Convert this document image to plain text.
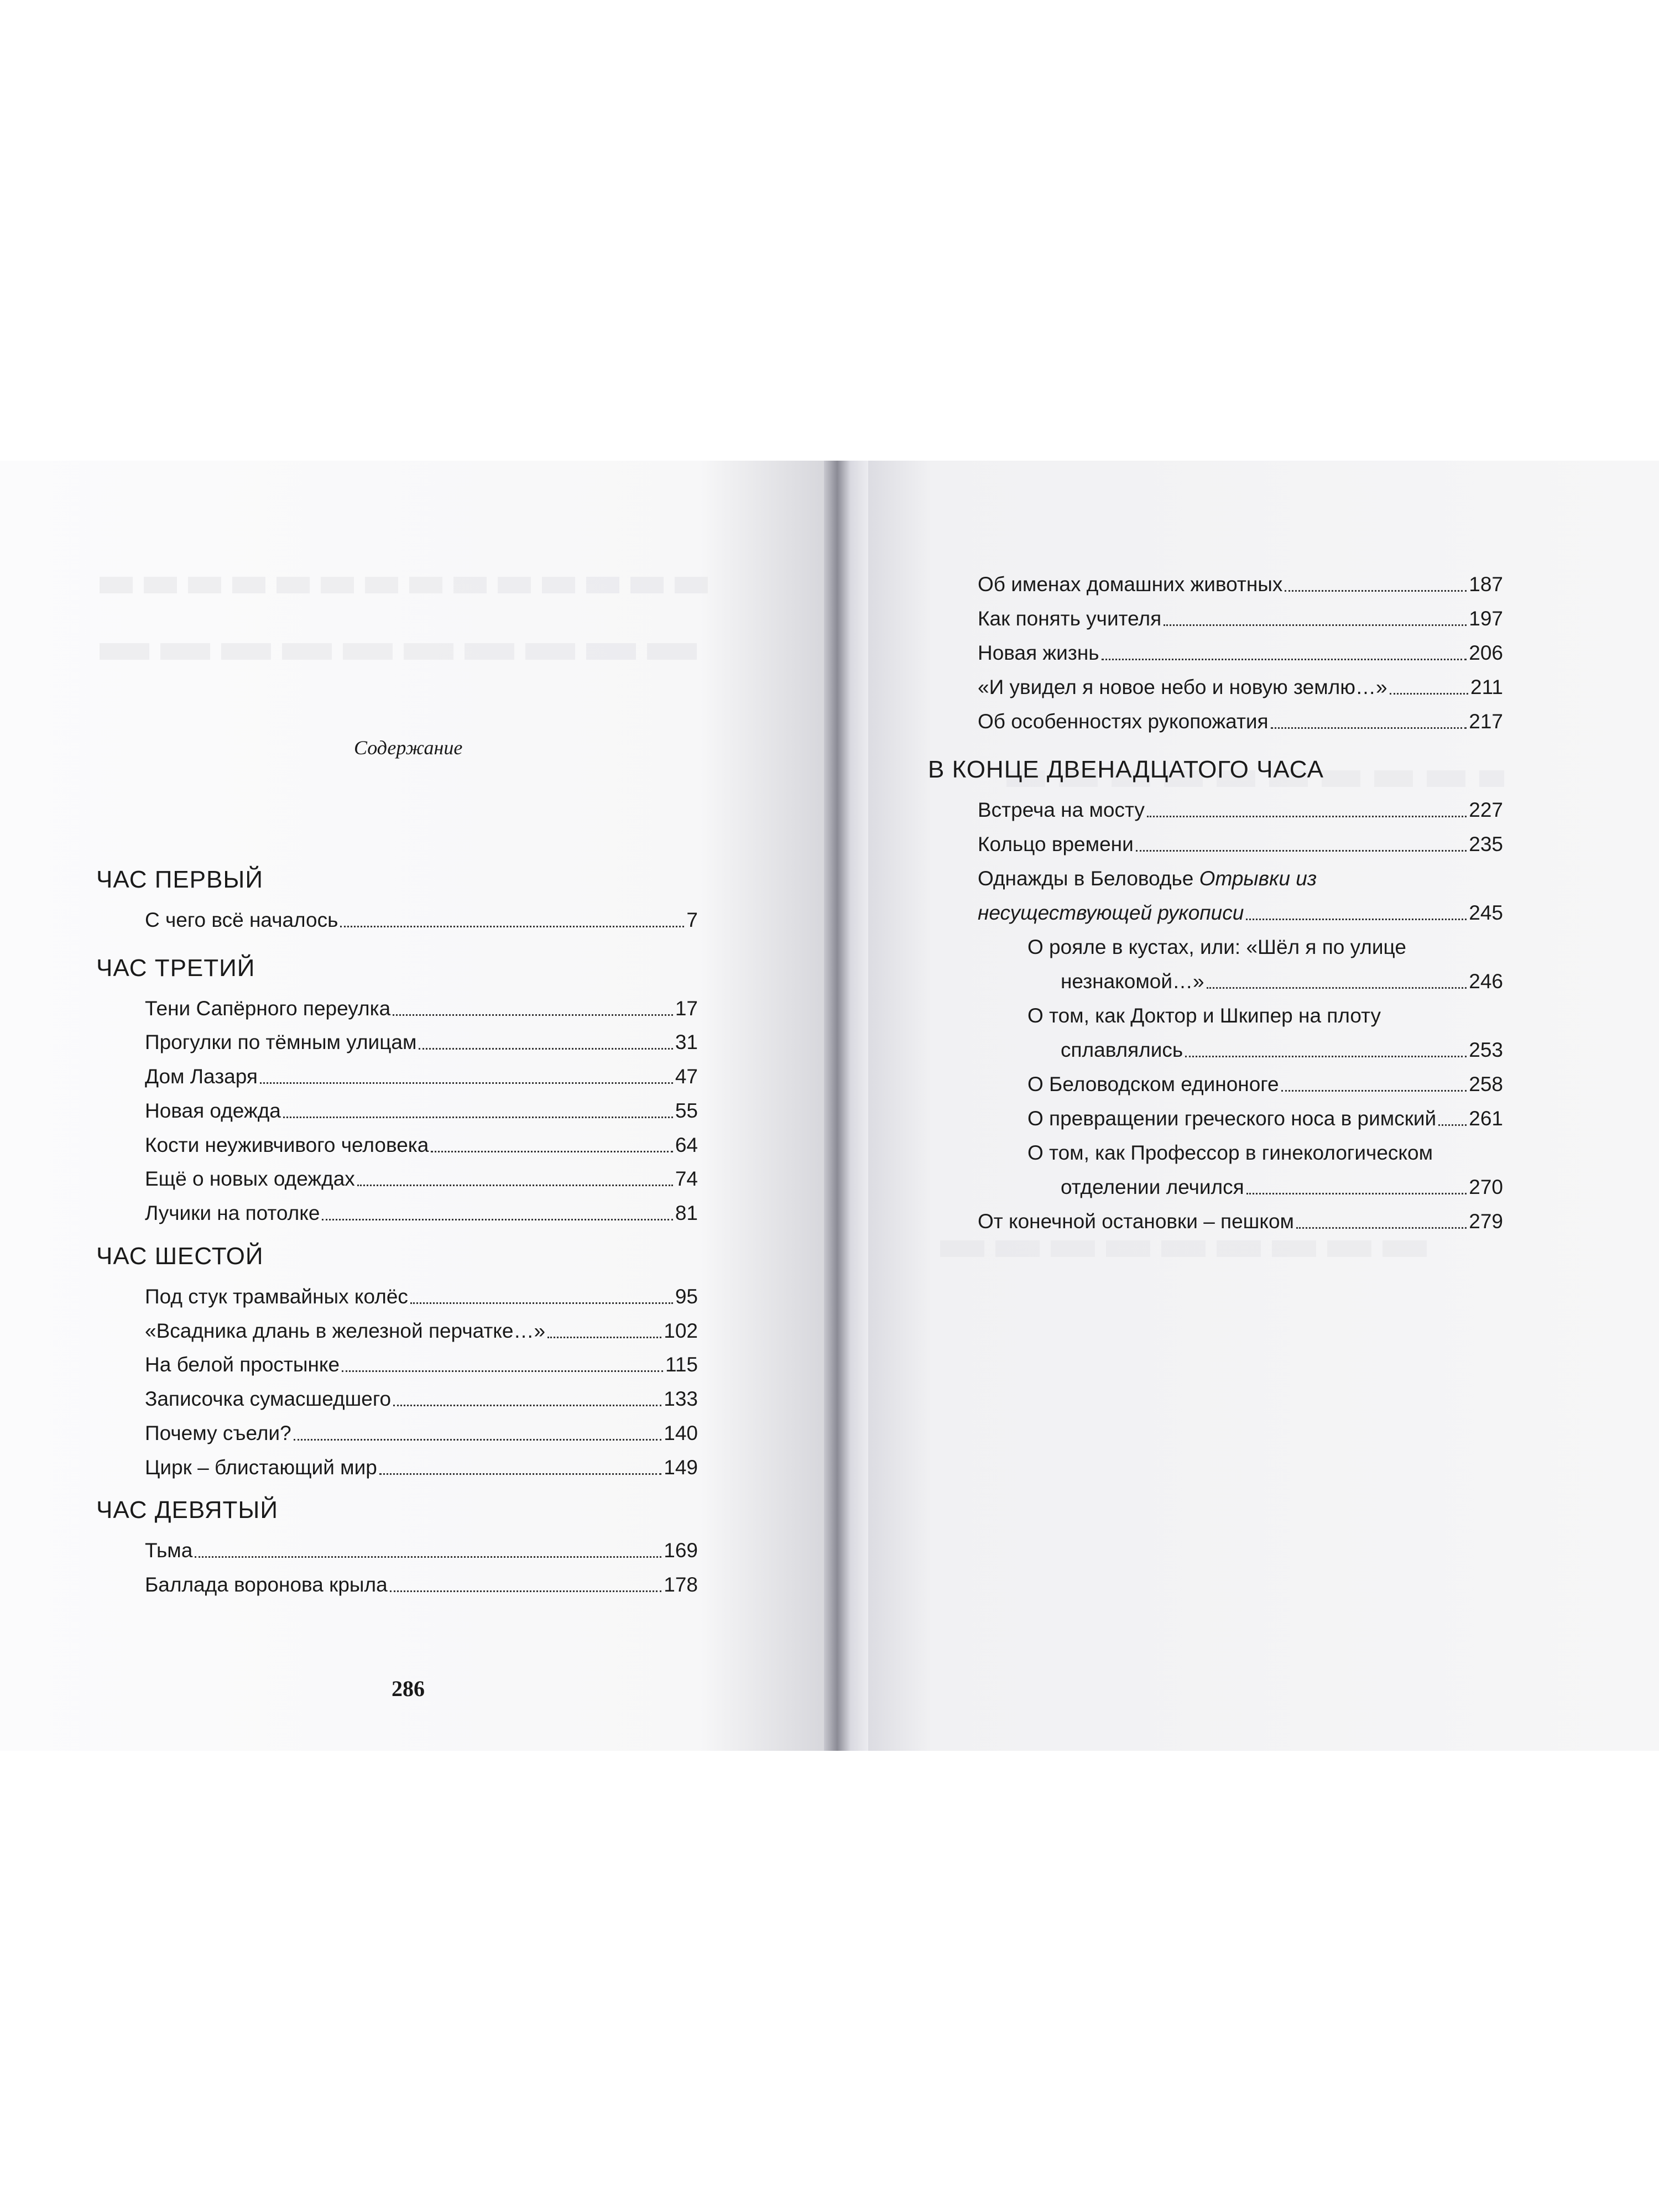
Содержание
ЧАС ПЕРВЫЙ
С чего всё началось	7
ЧАС ТРЕТИЙ
Тени Сапёрного переулка	17
Прогулки по тёмным улицам	31
Дом Лазаря	47
Новая одежда	55
Кости неуживчивого человека	64
Ещё о новых одеждах	74
Лучики на потолке	81
ЧАС ШЕСТОЙ
Под стук трамвайных колёс	95
«Всадника длань в железной перчатке…»	102
На белой простынке	115
Записочка сумасшедшего	133
Почему съели?	140
Цирк – блистающий мир	149
ЧАС ДЕВЯТЫЙ
Тьма	169
Баллада воронова крыла	178
286
Об именах домашних животных	187
Как понять учителя	197
Новая жизнь	206
«И увидел я новое небо и новую землю…»	211
Об особенностях рукопожатия	217
В КОНЦЕ ДВЕНАДЦАТОГО ЧАСА
Встреча на мосту	227
Кольцо времени	235
Однажды в Беловодье Отрывки из
несуществующей рукописи	245
О рояле в кустах, или: «Шёл я по улице
незнакомой…»	246
О том, как Доктор и Шкипер на плоту
сплавлялись	253
О Беловодском единоноге	258
О превращении греческого носа в римский 261
О том, как Профессор в гинекологическом
отделении лечился	270
От конечной остановки – пешком	279
